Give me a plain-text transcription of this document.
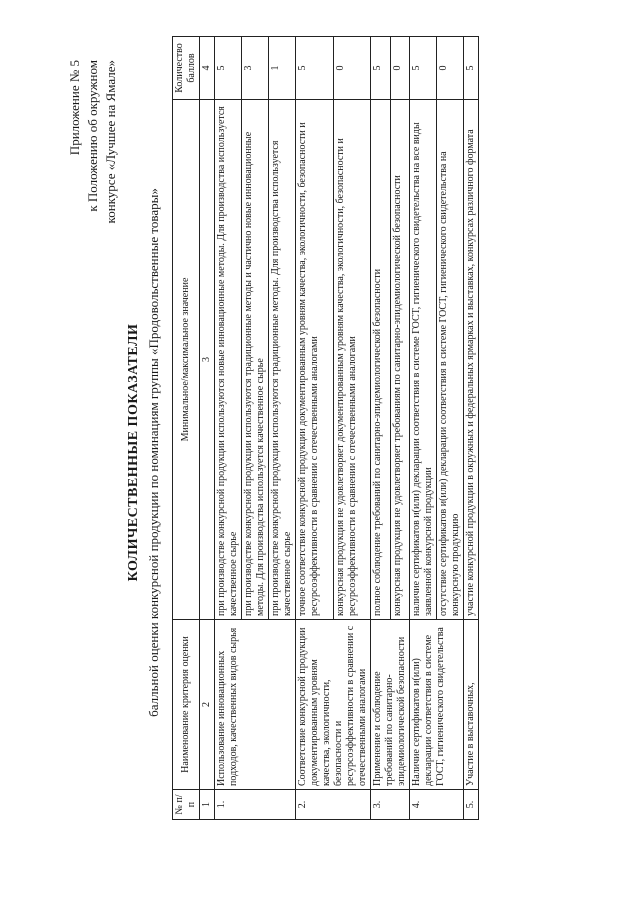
Приложение № 5 к Положению об окружном конкурсе «Лучшее на Ямале»
КОЛИЧЕСТВЕННЫЕ ПОКАЗАТЕЛИ балльной оценки конкурсной продукции по номинациям группы «Продовольственные товары»
№ п/п	Наименование критерия оценки	Минимальное/максимальное значение	Количество баллов
1	2	3	4
1.	Использование инновационных подходов, качественных видов сырья	при производстве конкурсной продукции используются новые инновационные методы. Для производства используется качественное сырье	5
		при производстве конкурсной продукции используются традиционные методы и частично новые инновационные методы. Для производства используется качественное сырье	3
		при производстве конкурсной продукции используются традиционные методы. Для производства используется качественное сырье	1
2.	Соответствие конкурсной продукции документированным уровням качества, экологичности, безопасности и ресурсоэффективности в сравнении с отечественными аналогами	точное соответствие конкурсной продукции документированным уровням качества, экологичности, безопасности и ресурсоэффективности в сравнении с отечественными аналогами	5
		конкурсная продукция не удовлетворяет документированным уровням качества, экологичности, безопасности и ресурсоэффективности в сравнении с отечественными аналогами	0
3.	Применение и соблюдение требований по санитарно-эпидемиологической безопасности	полное соблюдение требований по санитарно-эпидемиологической безопасности	5
		конкурсная продукция не удовлетворяет требованиям по санитарно-эпидемиологической безопасности	0
4.	Наличие сертификатов и(или) декларации соответствия в системе ГОСТ, гигиенического свидетельства	наличие сертификатов и(или) декларации соответствия в системе ГОСТ, гигиенического свидетельства на все виды заявленной конкурсной продукции	5
		отсутствие сертификатов и(или) декларации соответствия в системе ГОСТ, гигиенического свидетельства на конкурсную продукцию	0
5.	Участие в выставочных,	участие конкурсной продукции в окружных и федеральных ярмарках и выставках, конкурсах различного формата	5
